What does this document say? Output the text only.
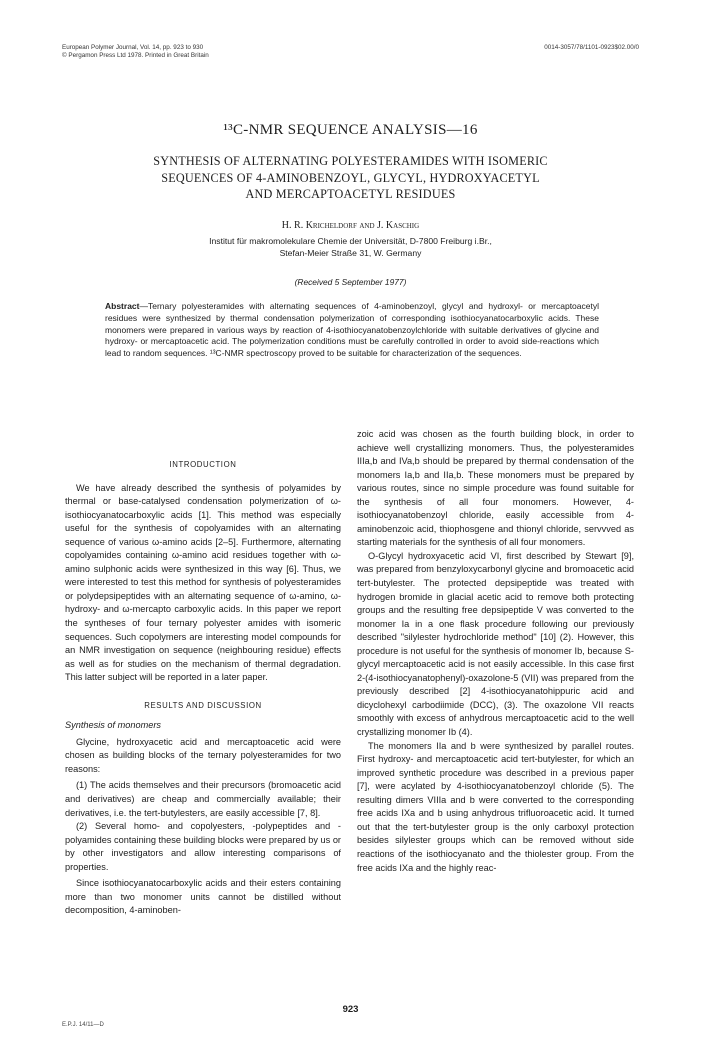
European Polymer Journal, Vol. 14, pp. 923 to 930
© Pergamon Press Ltd 1978. Printed in Great Britain
0014-3057/78/1101-0923$02.00/0
¹³C-NMR SEQUENCE ANALYSIS—16
SYNTHESIS OF ALTERNATING POLYESTERAMIDES WITH ISOMERIC
SEQUENCES OF 4-AMINOBENZOYL, GLYCYL, HYDROXYACETYL
AND MERCAPTOACETYL RESIDUES
H. R. Kricheldorf and J. Kaschig
Institut für makromolekulare Chemie der Universität, D-7800 Freiburg i.Br.,
Stefan-Meier Straße 31, W. Germany
(Received 5 September 1977)
Abstract—Ternary polyesteramides with alternating sequences of 4-aminobenzoyl, glycyl and hydroxyl- or mercaptoacetyl residues were synthesized by thermal condensation polymerization of corresponding isothiocyanatocarboxylic acids. These monomers were prepared in various ways by reaction of 4-isothiocyanatobenzoylchloride with suitable derivatives of glycine and hydroxy- or mercaptoacetic acid. The polymerization conditions must be carefully controlled in order to avoid side-reactions which lead to random sequences. ¹³C-NMR spectroscopy proved to be suitable for characterization of the sequences.

INTRODUCTION

We have already described the synthesis of polyamides by thermal or base-catalysed condensation polymerization of ω-isothiocyanatocarboxylic acids [1]. This method was especially useful for the synthesis of copolyamides with an alternating sequence of various ω-amino acids [2–5]. Furthermore, alternating copolyamides containing ω-amino acid residues together with ω-amino sulphonic acids were synthesized in this way [6]. Thus, we were interested to test this method for synthesis of polyesteramides or polydepsipeptides with an alternating sequence of ω-amino, ω-hydroxy- and ω-mercapto carboxylic acids. In this paper we report the syntheses of four ternary polyester amides with isomeric sequences. Such copolymers are interesting model compounds for an NMR investigation on sequence (neighbouring residue) effects as well as for studies on the mechanism of thermal degradation. This latter subject will be reported in a later paper.

RESULTS AND DISCUSSION

Synthesis of monomers

Glycine, hydroxyacetic acid and mercaptoacetic acid were chosen as building blocks of the ternary polyesteramides for two reasons:

(1) The acids themselves and their precursors (bromoacetic acid and derivatives) are cheap and commercially available; their derivatives, i.e. the tert-butylesters, are easily accessible [7, 8].

(2) Several homo- and copolyesters, -polypeptides and -polyamides containing these building blocks were prepared by us or by other investigators and allow interesting comparisons of properties.

Since isothiocyanatocarboxylic acids and their esters containing more than two monomer units cannot be distilled without decomposition, 4-aminoben-

zoic acid was chosen as the fourth building block, in order to achieve well crystallizing monomers. Thus, the polyesteramides IIIa,b and IVa,b should be prepared by thermal condensation of the monomers Ia,b and IIa,b. These monomers must be prepared by various routes, since no simple procedure was found suitable for the synthesis of all four monomers. However, 4-isothiocyanatobenzoyl chloride, easily accessible from 4-aminobenzoic acid, thiophosgene and thionyl chloride, servvved as starting materials for the synthesis of all four monomers.

O-Glycyl hydroxyacetic acid VI, first described by Stewart [9], was prepared from benzyloxycarbonyl glycine and bromoacetic acid tert-butylester. The protected depsipeptide was treated with hydrogen bromide in glacial acetic acid to remove both protecting groups and the resulting free depsipeptide V was converted to the monomer Ia in a one flask procedure following our previously described "silylester hydrochloride method" [10] (2). However, this procedure is not useful for the synthesis of monomer Ib, because S-glycyl mercaptoacetic acid is not easily accessible. In this case first 2-(4-isothiocyanatophenyl)-oxazolone-5 (VII) was prepared from the previously described [2] 4-isothiocyanatohippuric acid and dicyclohexyl carbodiimide (DCC), (3). The oxazolone VII reacts smoothly with excess of anhydrous mercaptoacetic acid to the well crystallizing monomer Ib (4).

The monomers IIa and b were synthesized by parallel routes. First hydroxy- and mercaptoacetic acid tert-butylester, for which an improved synthetic procedure was described in a previous paper [7], were acylated by 4-isothiocyanatobenzoyl chloride (5). The resulting dimers VIIIa and b were converted to the corresponding free acids IXa and b using anhydrous trifluoroacetic acid. It turned out that the tert-butylester group is the only carboxyl protection besides silylester groups which can be removed without side reactions of the isothiocyanato and the thiolester group. From the free acids IXa and the highly reac-

923
E.P.J. 14/11—D
